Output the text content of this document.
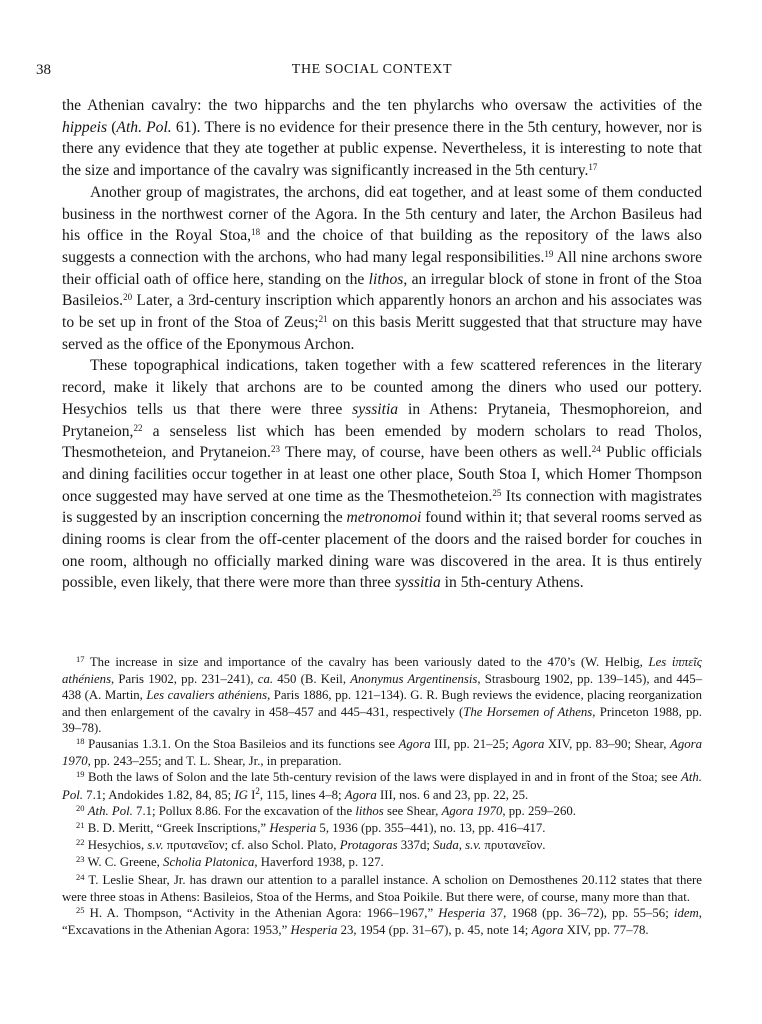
38	THE SOCIAL CONTEXT

the Athenian cavalry: the two hipparchs and the ten phylarchs who oversaw the activities of the hippeis (Ath. Pol. 61). There is no evidence for their presence there in the 5th century, however, nor is there any evidence that they ate together at public expense. Nevertheless, it is interesting to note that the size and importance of the cavalry was significantly increased in the 5th century.$^{17}$

Another group of magistrates, the archons, did eat together, and at least some of them conducted business in the northwest corner of the Agora. In the 5th century and later, the Archon Basileus had his office in the Royal Stoa,$^{18}$ and the choice of that building as the repository of the laws also suggests a connection with the archons, who had many legal responsibilities.$^{19}$ All nine archons swore their official oath of office here, standing on the lithos, an irregular block of stone in front of the Stoa Basileios.$^{20}$ Later, a 3rd-century inscription which apparently honors an archon and his associates was to be set up in front of the Stoa of Zeus;$^{21}$ on this basis Meritt suggested that that structure may have served as the office of the Eponymous Archon.

These topographical indications, taken together with a few scattered references in the literary record, make it likely that archons are to be counted among the diners who used our pottery. Hesychios tells us that there were three syssitia in Athens: Prytaneia, Thesmophoreion, and Prytaneion,$^{22}$ a senseless list which has been emended by modern scholars to read Tholos, Thesmotheteion, and Prytaneion.$^{23}$ There may, of course, have been others as well.$^{24}$ Public officials and dining facilities occur together in at least one other place, South Stoa I, which Homer Thompson once suggested may have served at one time as the Thesmotheteion.$^{25}$ Its connection with magistrates is suggested by an inscription concerning the metronomoi found within it; that several rooms served as dining rooms is clear from the off-center placement of the doors and the raised border for couches in one room, although no officially marked dining ware was discovered in the area. It is thus entirely possible, even likely, that there were more than three syssitia in 5th-century Athens.

$^{17}$ The increase in size and importance of the cavalry has been variously dated to the 470’s (W. Helbig, Les ἱππεῖς athéniens, Paris 1902, pp. 231–241), ca. 450 (B. Keil, Anonymus Argentinensis, Strasbourg 1902, pp. 139–145), and 445–438 (A. Martin, Les cavaliers athéniens, Paris 1886, pp. 121–134). G. R. Bugh reviews the evidence, placing reorganization and then enlargement of the cavalry in 458–457 and 445–431, respectively (The Horsemen of Athens, Princeton 1988, pp. 39–78).

$^{18}$ Pausanias 1.3.1. On the Stoa Basileios and its functions see Agora III, pp. 21–25; Agora XIV, pp. 83–90; Shear, Agora 1970, pp. 243–255; and T. L. Shear, Jr., in preparation.

$^{19}$ Both the laws of Solon and the late 5th-century revision of the laws were displayed in and in front of the Stoa; see Ath. Pol. 7.1; Andokides 1.82, 84, 85; IG $I^2$, 115, lines 4–8; Agora III, nos. 6 and 23, pp. 22, 25.

$^{20}$ Ath. Pol. 7.1; Pollux 8.86. For the excavation of the lithos see Shear, Agora 1970, pp. 259–260.

$^{21}$ B. D. Meritt, “Greek Inscriptions,” Hesperia 5, 1936 (pp. 355–441), no. 13, pp. 416–417.

$^{22}$ Hesychios, s.v. πρυτανεῖον; cf. also Schol. Plato, Protagoras 337d; Suda, s.v. πρυτανεῖον.

$^{23}$ W. C. Greene, Scholia Platonica, Haverford 1938, p. 127.

$^{24}$ T. Leslie Shear, Jr. has drawn our attention to a parallel instance. A scholion on Demosthenes 20.112 states that there were three stoas in Athens: Basileios, Stoa of the Herms, and Stoa Poikile. But there were, of course, many more than that.

$^{25}$ H. A. Thompson, “Activity in the Athenian Agora: 1966–1967,” Hesperia 37, 1968 (pp. 36–72), pp. 55–56; idem, “Excavations in the Athenian Agora: 1953,” Hesperia 23, 1954 (pp. 31–67), p. 45, note 14; Agora XIV, pp. 77–78.
